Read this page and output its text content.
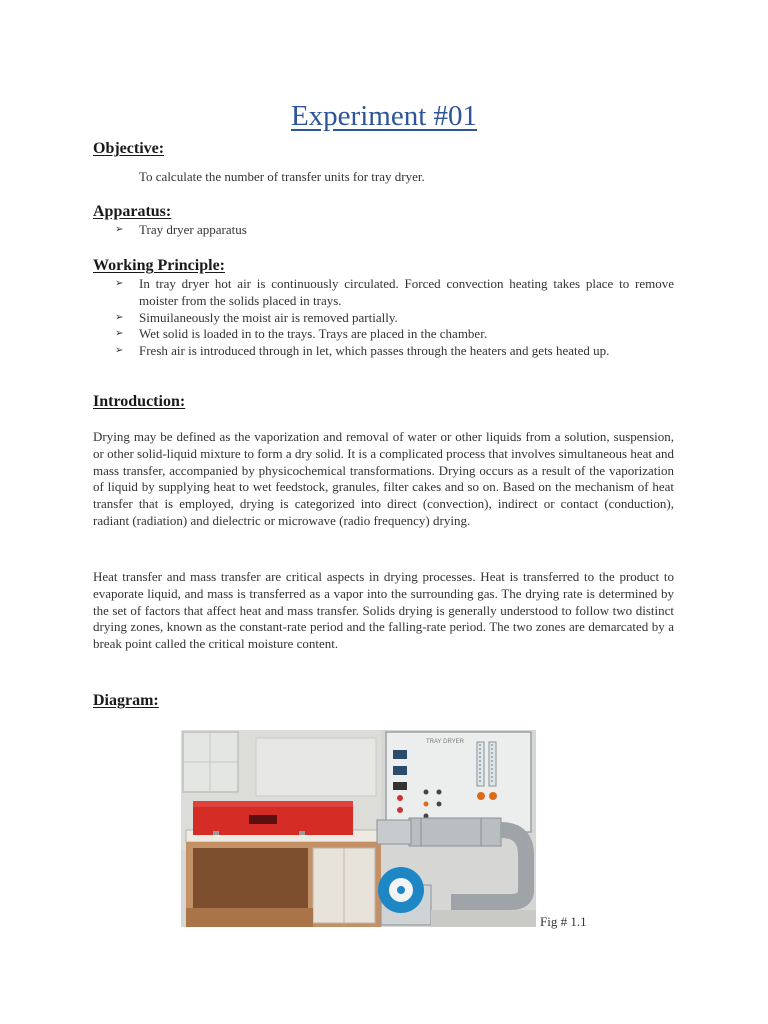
Experiment #01
Objective:
To calculate the number of transfer units for tray dryer.
Apparatus:
➢ Tray dryer apparatus
Working Principle:
➢ In tray dryer hot air is continuously circulated. Forced convection heating takes place to remove moister from the solids placed in trays.
➢ Simuilaneously the moist air is removed partially.
➢ Wet solid is loaded in to the trays. Trays are placed in the chamber.
➢ Fresh air is introduced through in let, which passes through the heaters and gets heated up.
Introduction:
Drying may be defined as the vaporization and removal of water or other liquids from a solution, suspension, or other solid-liquid mixture to form a dry solid. It is a complicated process that involves simultaneous heat and mass transfer, accompanied by physicochemical transformations. Drying occurs as a result of the vaporization of liquid by supplying heat to wet feedstock, granules, filter cakes and so on. Based on the mechanism of heat transfer that is employed, drying is categorized into direct (convection), indirect or contact (conduction), radiant (radiation) and dielectric or microwave (radio frequency) drying.
Heat transfer and mass transfer are critical aspects in drying processes. Heat is transferred to the product to evaporate liquid, and mass is transferred as a vapor into the surrounding gas. The drying rate is determined by the set of factors that affect heat and mass transfer. Solids drying is generally understood to follow two distinct drying zones, known as the constant-rate period and the falling-rate period. The two zones are demarcated by a break point called the critical moisture content.
Diagram:
TRAY DRYER
Fig # 1.1
